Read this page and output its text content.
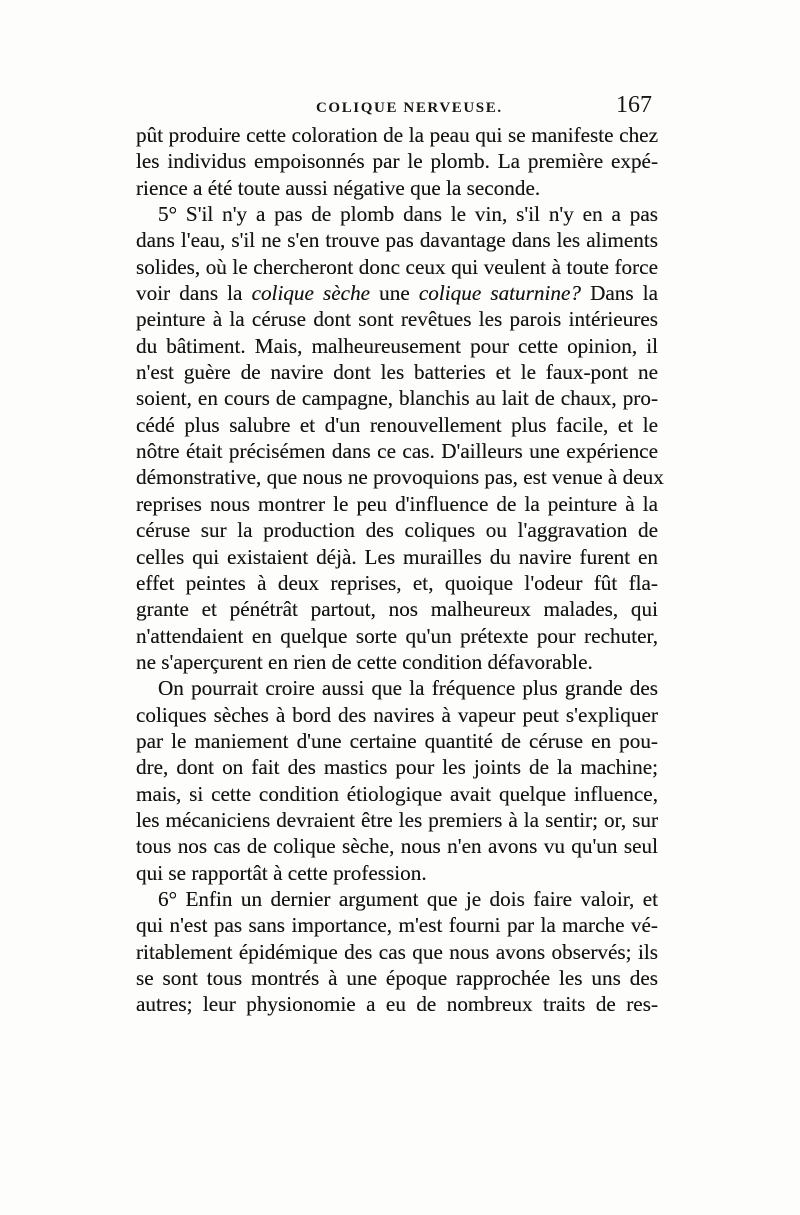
COLIQUE NERVEUSE.	167
pût produire cette coloration de la peau qui se manifeste chez
les individus empoisonnés par le plomb. La première expé-
rience a été toute aussi négative que la seconde.
5° S'il n'y a pas de plomb dans le vin, s'il n'y en a pas
dans l'eau, s'il ne s'en trouve pas davantage dans les aliments
solides, où le chercheront donc ceux qui veulent à toute force
voir dans la colique sèche une colique saturnine? Dans la
peinture à la céruse dont sont revêtues les parois intérieures
du bâtiment. Mais, malheureusement pour cette opinion, il
n'est guère de navire dont les batteries et le faux-pont ne
soient, en cours de campagne, blanchis au lait de chaux, pro-
cédé plus salubre et d'un renouvellement plus facile, et le
nôtre était précisémen dans ce cas. D'ailleurs une expérience
démonstrative, que nous ne provoquions pas, est venue à deux
reprises nous montrer le peu d'influence de la peinture à la
céruse sur la production des coliques ou l'aggravation de
celles qui existaient déjà. Les murailles du navire furent en
effet peintes à deux reprises, et, quoique l'odeur fût fla-
grante et pénétrât partout, nos malheureux malades, qui
n'attendaient en quelque sorte qu'un prétexte pour rechuter,
ne s'aperçurent en rien de cette condition défavorable.
On pourrait croire aussi que la fréquence plus grande des
coliques sèches à bord des navires à vapeur peut s'expliquer
par le maniement d'une certaine quantité de céruse en pou-
dre, dont on fait des mastics pour les joints de la machine;
mais, si cette condition étiologique avait quelque influence,
les mécaniciens devraient être les premiers à la sentir; or, sur
tous nos cas de colique sèche, nous n'en avons vu qu'un seul
qui se rapportât à cette profession.
6° Enfin un dernier argument que je dois faire valoir, et
qui n'est pas sans importance, m'est fourni par la marche vé-
ritablement épidémique des cas que nous avons observés; ils
se sont tous montrés à une époque rapprochée les uns des
autres; leur physionomie a eu de nombreux traits de res-
